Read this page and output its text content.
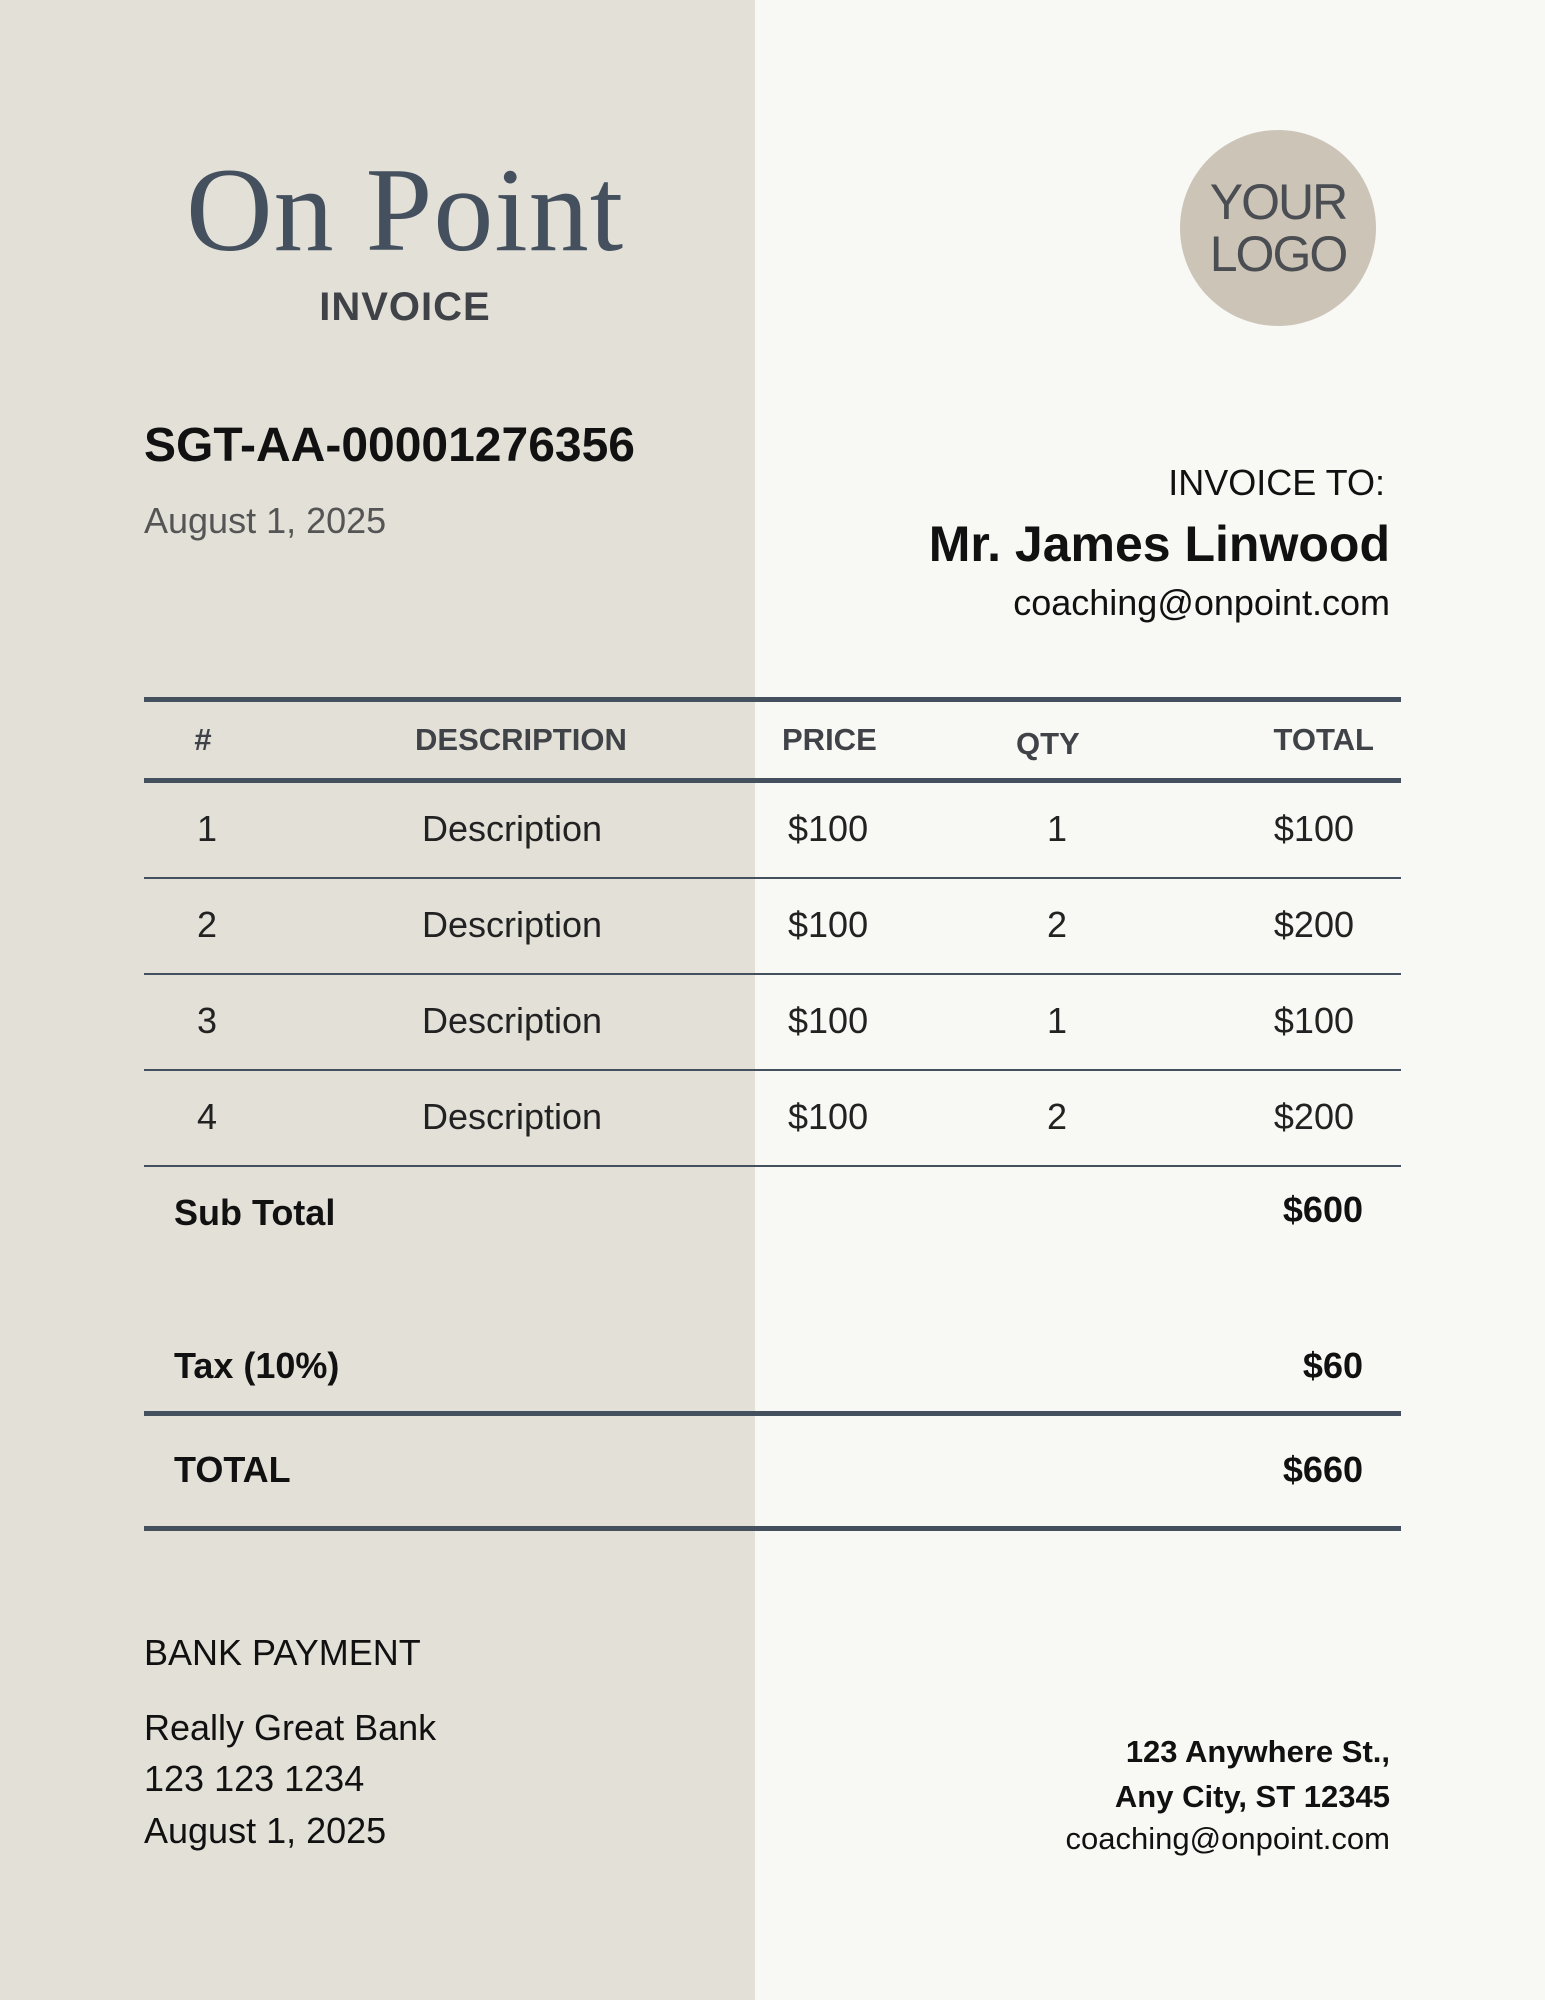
On Point
INVOICE
YOUR
LOGO
SGT-AA-00001276356
August 1, 2025
INVOICE TO:
Mr. James Linwood
coaching@onpoint.com
#	DESCRIPTION	PRICE	QTY	TOTAL
1	Description	$100	1	$100
2	Description	$100	2	$200
3	Description	$100	1	$100
4	Description	$100	2	$200
Sub Total	$600
Tax (10%)	$60
TOTAL	$660
BANK PAYMENT
Really Great Bank
123 123 1234
August 1, 2025
123 Anywhere St.,
Any City, ST 12345
coaching@onpoint.com
